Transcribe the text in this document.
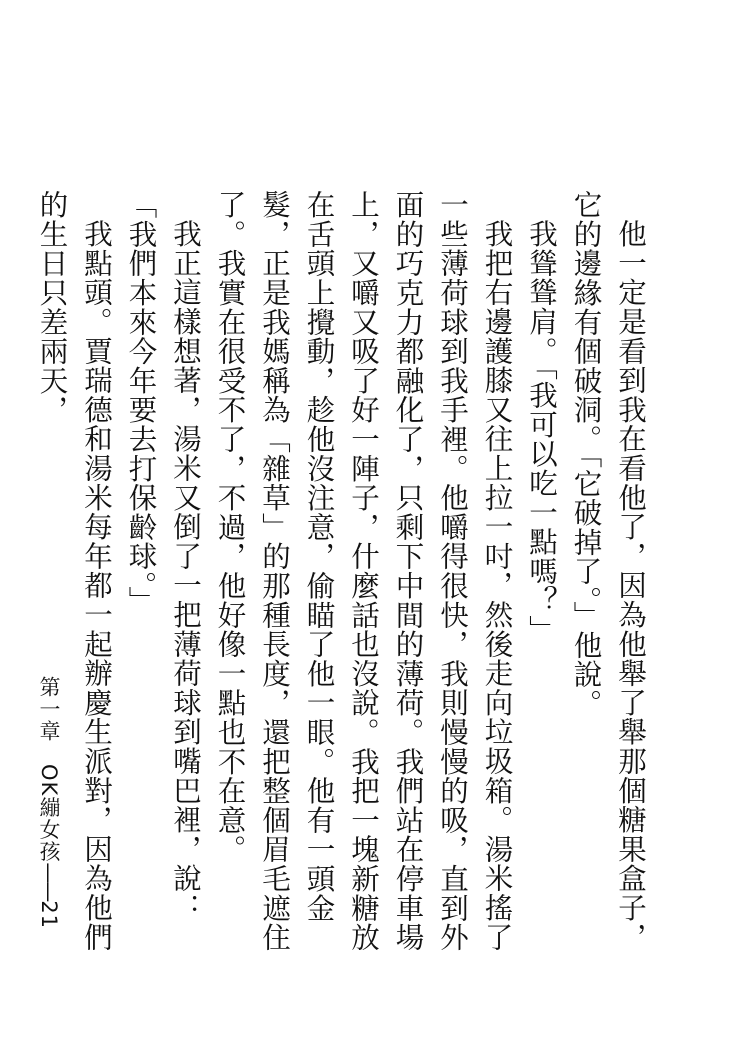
他一定是看到我在看他了，因為他舉了舉那個糖果盒子，它的邊緣有個破洞。「它破掉了。」他說。

我聳聳肩。「我可以吃一點嗎？」

我把右邊護膝又往上拉一吋，然後走向垃圾箱。湯米搖了一些薄荷球到我手裡。他嚼得很快，我則慢慢的吸，直到外面的巧克力都融化了，只剩下中間的薄荷。我們站在停車場上，又嚼又吸了好一陣子，什麼話也沒說。我把一塊新糖放在舌頭上攪動，趁他沒注意，偷瞄了他一眼。他有一頭金髮，正是我媽稱為「雜草」的那種長度，還把整個眉毛遮住了。我實在很受不了，不過，他好像一點也不在意。

我正這樣想著，湯米又倒了一把薄荷球到嘴巴裡，說：「我們本來今年要去打保齡球。」

我點頭。賈瑞德和湯米每年都一起辦慶生派對，因為他們的生日只差兩天，

第一章　OK繃女孩——21
